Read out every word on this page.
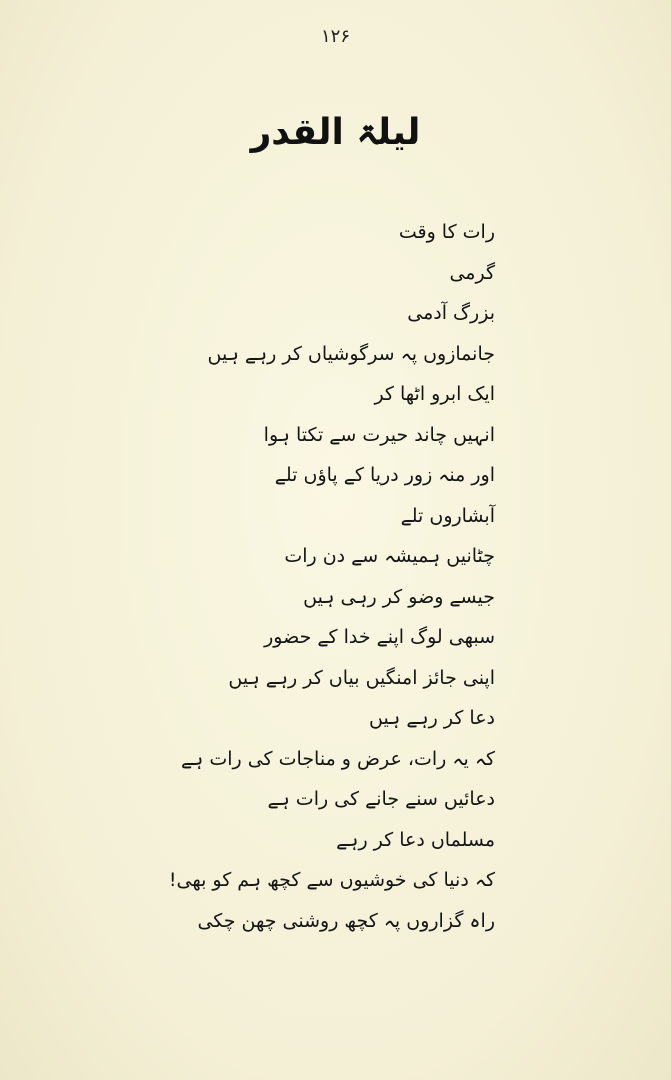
۱۲۶
لیلۃ القدر
رات کا وقت
گرمی
بزرگ آدمی
جانمازوں پہ سرگوشیاں کر رہے ہیں
ایک ابرو اٹھا کر
انہیں چاند حیرت سے تکتا ہوا
اور منہ زور دریا کے پاؤں تلے
آبشاروں تلے
چٹانیں ہمیشہ سے دن رات
جیسے وضو کر رہی ہیں
سبھی لوگ اپنے خدا کے حضور
اپنی جائز امنگیں بیاں کر رہے ہیں
دعا کر رہے ہیں
کہ یہ رات، عرض و مناجات کی رات ہے
دعائیں سنے جانے کی رات ہے
مسلماں دعا کر رہے
کہ دنیا کی خوشیوں سے کچھ ہم کو بھی!
راہ گزاروں پہ کچھ روشنی چھن چکی
